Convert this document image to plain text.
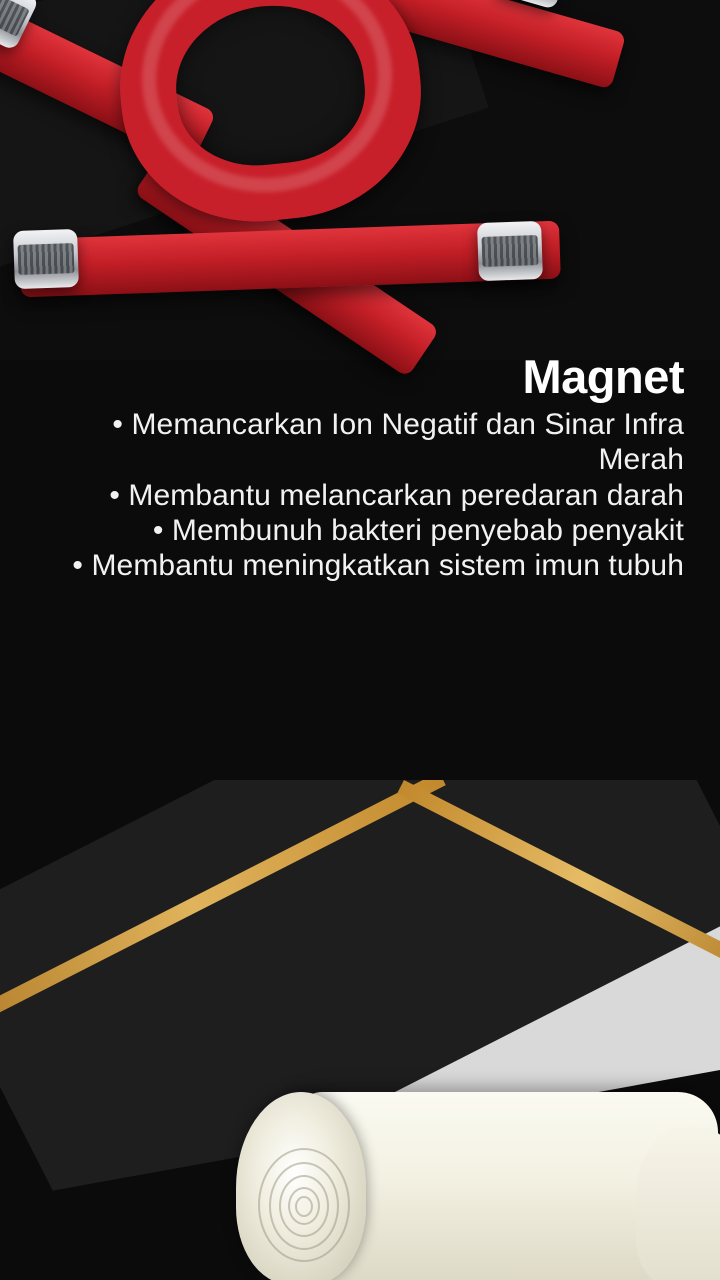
Magnet
• Memancarkan Ion Negatif dan Sinar Infra Merah
• Membantu melancarkan peredaran darah
• Membunuh bakteri penyebab penyakit
• Membantu meningkatkan sistem imun tubuh
